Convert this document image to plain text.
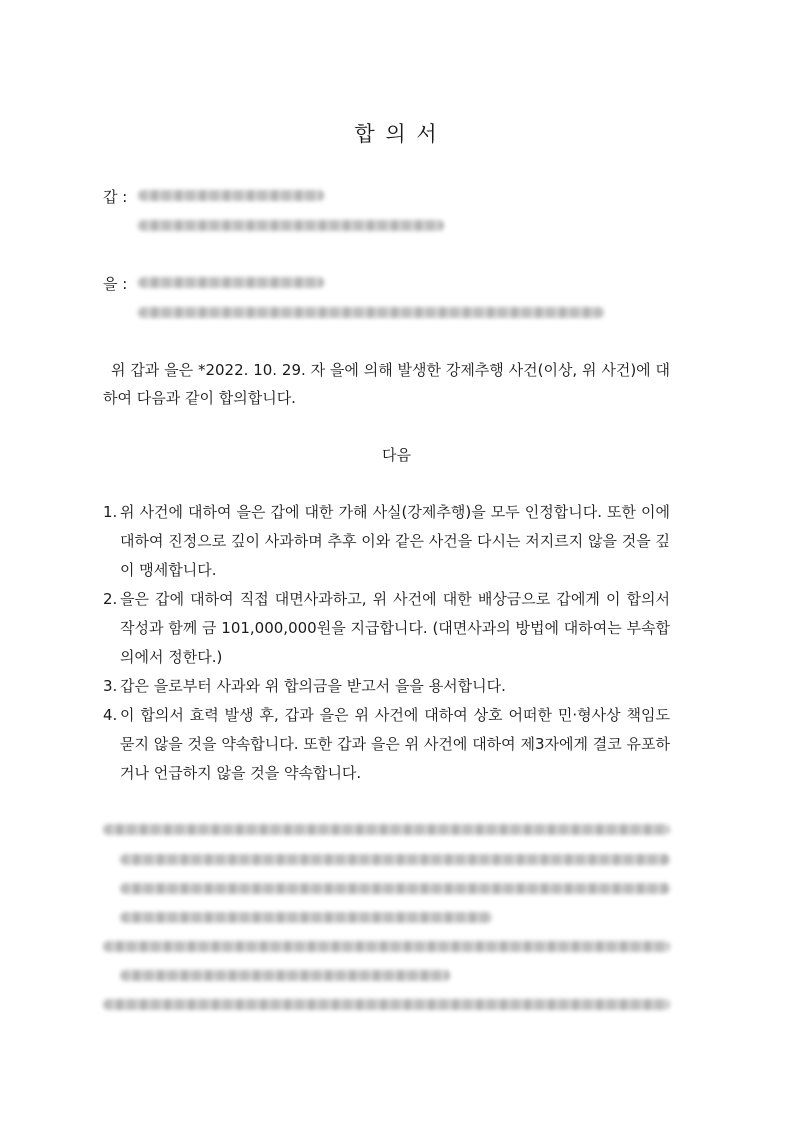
합 의 서
갑 :
을 :
위 갑과 을은 *2022. 10. 29. 자 을에 의해 발생한 강제추행 사건(이상, 위 사건)에 대하여 다음과 같이 합의합니다.
다음
1. 위 사건에 대하여 을은 갑에 대한 가해 사실(강제추행)을 모두 인정합니다. 또한 이에 대하여 진정으로 깊이 사과하며 추후 이와 같은 사건을 다시는 저지르지 않을 것을 깊이 맹세합니다.
2. 을은 갑에 대하여 직접 대면사과하고, 위 사건에 대한 배상금으로 갑에게 이 합의서 작성과 함께 금 101,000,000원을 지급합니다. (대면사과의 방법에 대하여는 부속합의에서 정한다.)
3. 갑은 을로부터 사과와 위 합의금을 받고서 을을 용서합니다.
4. 이 합의서 효력 발생 후, 갑과 을은 위 사건에 대하여 상호 어떠한 민·형사상 책임도 묻지 않을 것을 약속합니다. 또한 갑과 을은 위 사건에 대하여 제3자에게 결코 유포하거나 언급하지 않을 것을 약속합니다.
